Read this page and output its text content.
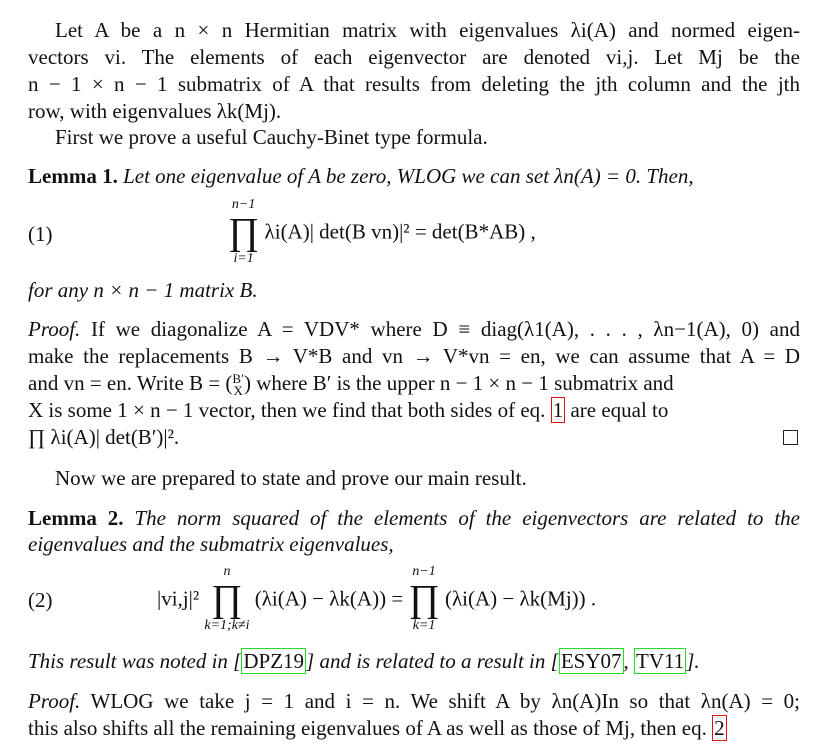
Let A be a n × n Hermitian matrix with eigenvalues λi(A) and normed eigen-
vectors vi. The elements of each eigenvector are denoted vi,j. Let Mj be the
n − 1 × n − 1 submatrix of A that results from deleting the jth column and the jth
row, with eigenvalues λk(Mj).
First we prove a useful Cauchy-Binet type formula.
Lemma 1. Let one eigenvalue of A be zero, WLOG we can set λn(A) = 0. Then,
(1)
n−1
∏
i=1
λi(A)| det(B vn)|² = det(B*AB) ,
for any n × n − 1 matrix B.
Proof. If we diagonalize A = VDV* where D ≡ diag(λ1(A), . . . , λn−1(A), 0) and
make the replacements B → V*B and vn → V*vn = en, we can assume that A = D
and vn = en. Write B = (B′
X) where B′ is the upper n − 1 × n − 1 submatrix and
X is some 1 × n − 1 vector, then we find that both sides of eq. 1 are equal to
∏ λi(A)| det(B′)|².
Now we are prepared to state and prove our main result.
Lemma 2. The norm squared of the elements of the eigenvectors are related to the
eigenvalues and the submatrix eigenvalues,
(2)	|vi,j|²
n
∏
k=1;k≠i
(λi(A) − λk(A)) =
n−1
∏
k=1
(λi(A) − λk(Mj)) .
This result was noted in [DPZ19] and is related to a result in [ESY07, TV11].
Proof. WLOG we take j = 1 and i = n. We shift A by λn(A)In so that λn(A) = 0;
this also shifts all the remaining eigenvalues of A as well as those of Mj, then eq. 2
